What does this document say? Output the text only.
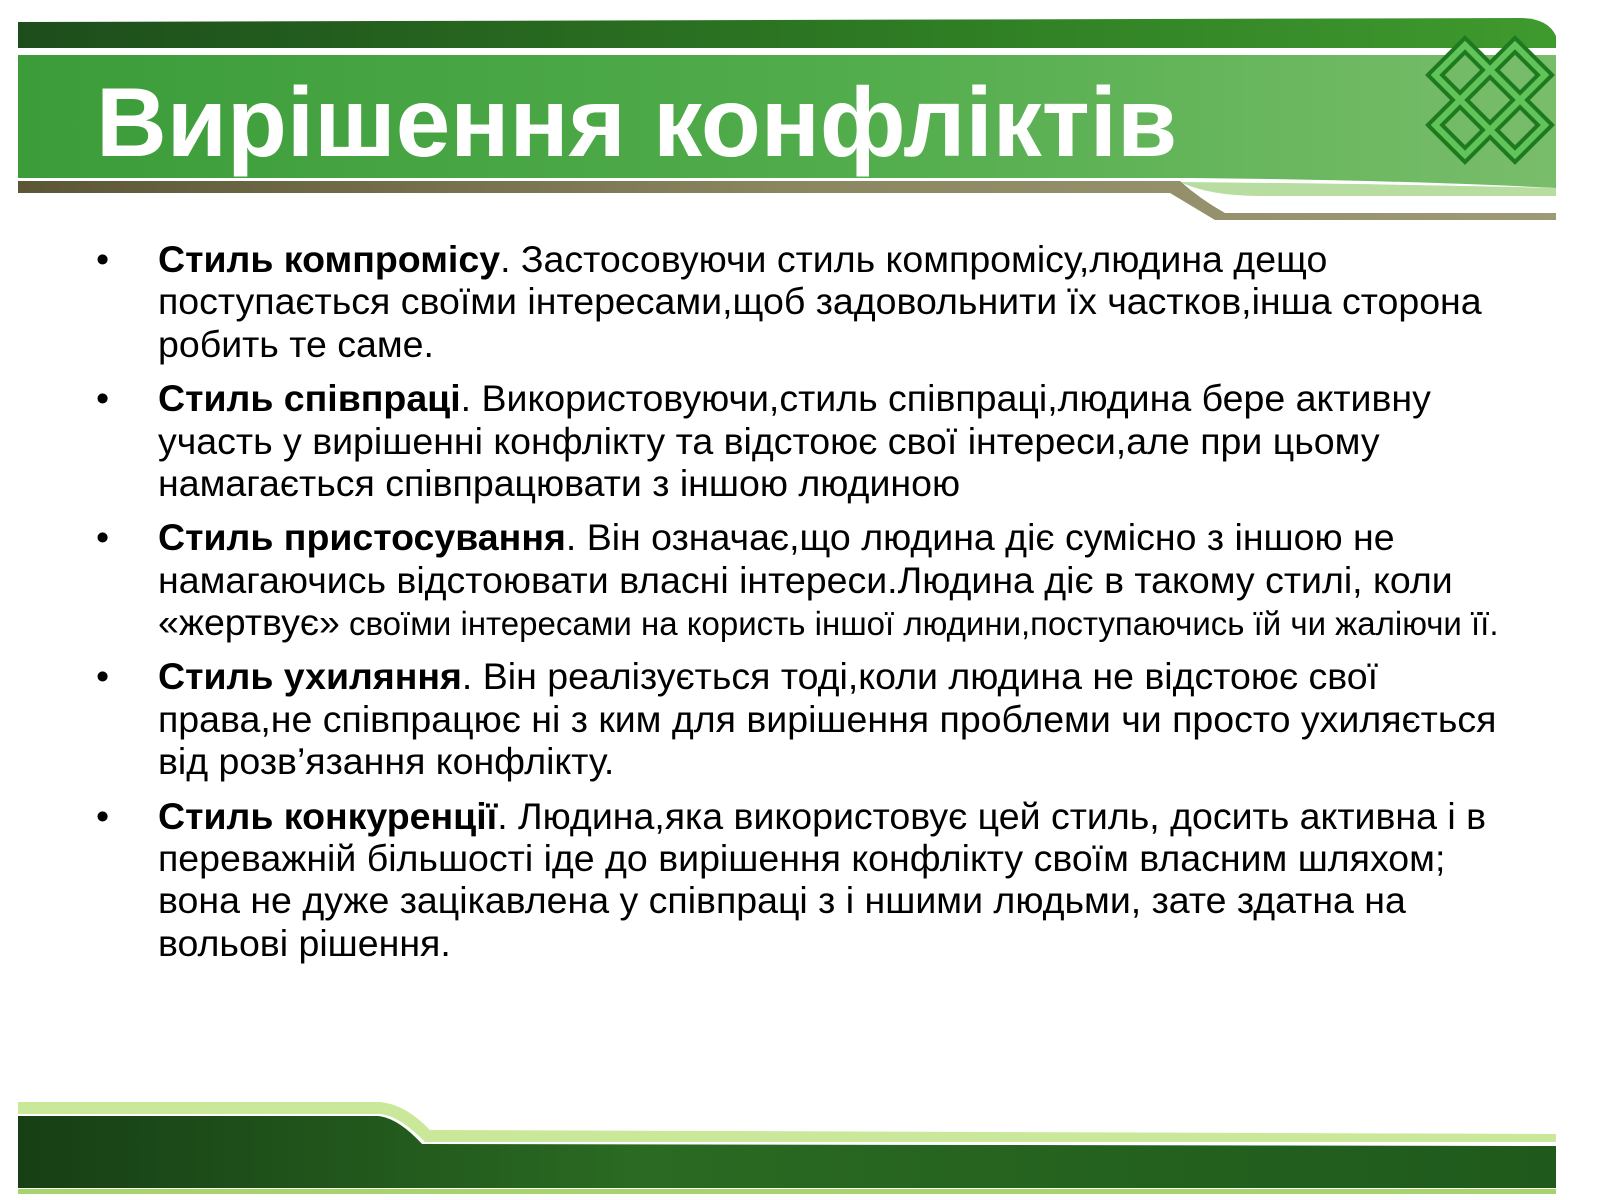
Вирішення конфліктів
• Стиль компромісу. Застосовуючи стиль компромісу,людина дещо поступається своїми інтересами,щоб задовольнити їх частков,інша сторона робить те саме.
• Стиль співпраці. Використовуючи,стиль співпраці,людина бере активну участь у вирішенні конфлікту та відстоює свої інтереси,але при цьому намагається співпрацювати з іншою людиною
• Стиль пристосування. Він означає,що людина діє сумісно з іншою не намагаючись відстоювати власні інтереси.Людина діє в такому стилі, коли «жертвує» своїми інтересами на користь іншої людини,поступаючись їй чи жаліючи її.
• Стиль ухиляння. Він реалізується тоді,коли людина не відстоює свої права,не співпрацює ні з ким для вирішення проблеми чи просто ухиляється від розв’язання конфлікту.
• Стиль конкуренції. Людина,яка використовує цей стиль, досить активна і в переважній більшості іде до вирішення конфлікту своїм власним шляхом; вона не дуже зацікавлена у співпраці з і ншими людьми, зате здатна на вольові рішення.
